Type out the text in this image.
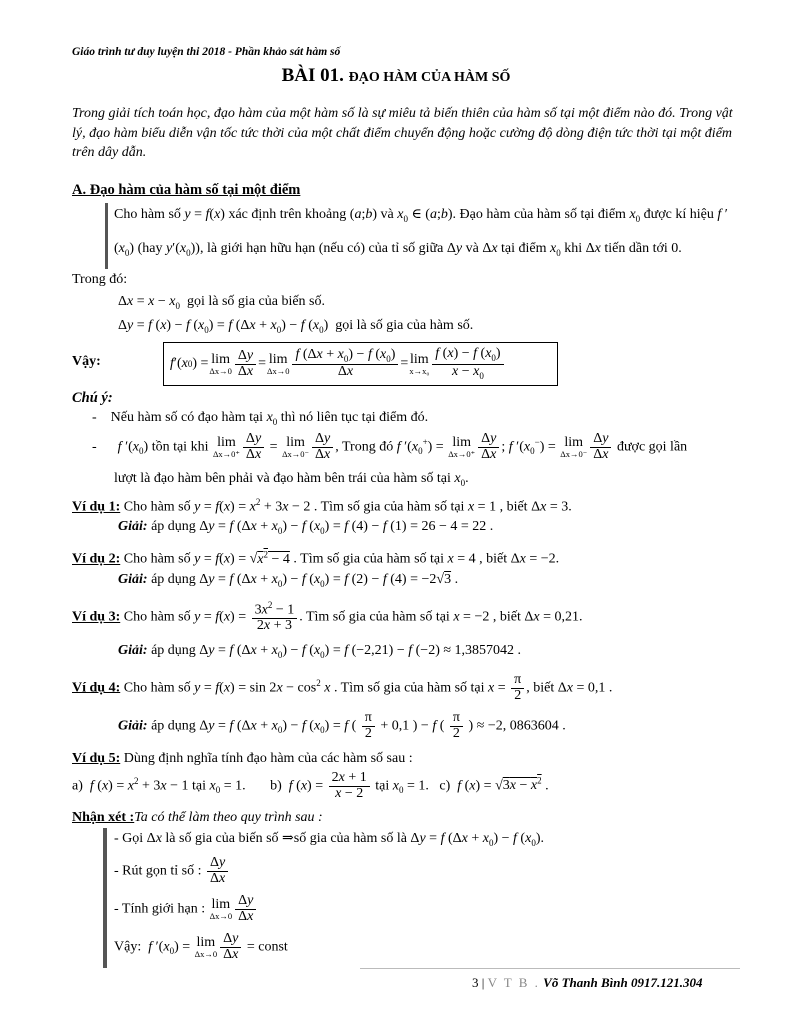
Giáo trình tư duy luyện thi 2018 - Phần khảo sát hàm số
BÀI 01. ĐẠO HÀM CỦA HÀM SỐ
Trong giải tích toán học, đạo hàm của một hàm số là sự miêu tả biến thiên của hàm số tại một điểm nào đó. Trong vật lý, đạo hàm biểu diễn vận tốc tức thời của một chất điểm chuyển động hoặc cường độ dòng điện tức thời tại một điểm trên dây dẫn.
A. Đạo hàm của hàm số tại một điểm
Cho hàm số y = f(x) xác định trên khoảng (a;b) và $x_0$ ∈ (a;b). Đạo hàm của hàm số tại điểm $x_0$ được kí hiệu f $'(x_0)$ (hay $y'(x_0)$), là giới hạn hữu hạn (nếu có) của tỉ số giữa Δy và Δx tại điểm $x_0$ khi Δx tiến dần tới 0.
Trong đó:
$\Delta x = x - x_0$ gọi là số gia của biến số.
Δy = f (x) − f $(x_0) = f$ $(\Delta x + x_0) - f$ $(x_0)$  gọi là số gia của hàm số.
Vậy:	f ′( x 0 ) = lim
$\Delta x\to 0 \frac{\Delta y}{\Delta x} = \lim$
$\Delta x\to 0 \frac{f (\Delta x + x_0) - f (x_0)}{\Delta x} = \lim$
$x\to x_0 \frac{f (x) - f (x_0)}{x - x_0}$
Chú ý:
-    Nếu hàm số có đạo hàm tại $x_0$ thì nó liên tục tại điểm đó.
-      f $'(x_0)$ tồn tại khi lim
$\Delta x\to 0^+ \frac{\Delta y}{\Delta x} = \lim$
$\Delta x\to 0^- \frac{\Delta y}{\Delta x}$ , Trong đó f $'(x_0^+) = \lim$
$\Delta x\to 0^+ \frac{\Delta y}{\Delta x}$ ; f $'(x_0^-) = \lim$
$\Delta x\to 0^- \frac{\Delta y}{\Delta x}$ được gọi lần
lượt là đạo hàm bên phải và đạo hàm bên trái của hàm số tại $x_0$.
Ví dụ 1: Cho hàm số $y = f(x) = x^2 + 3x - 2$ . Tìm số gia của hàm số tại x = 1 , biết Δx = 3.
Giải: áp dụng Δy = f $(\Delta x + x_0) - f$ $(x_0) = f$ (4) − f (1) = 26 − 4 = 22 .
Ví dụ 2: Cho hàm số $y = f(x) = √x^2 - 4$ . Tìm số gia của hàm số tại x = 4 , biết Δx = −2.
Giải: áp dụng Δy = f $(\Delta x + x_0) - f$ $(x_0) = f$ (2) − f (4) = −2√3 .
Ví dụ 3: Cho hàm số $y = f(x) = \frac{3x^2 - 1}{2x + 3}$ . Tìm số gia của hàm số tại x = −2 , biết Δx = 0,21.
Giải: áp dụng Δy = f $(\Delta x + x_0) - f$ $(x_0) = f$ (−2,21) − f (−2) ≈ 1,3857042 .
Ví dụ 4: Cho hàm số $y = f(x) = \sin 2x - \cos^2 x$ . Tìm số gia của hàm số tại $x = \frac{\pi}{2}$ , biết Δx = 0,1 .
Giải: áp dụng Δy = f $(\Delta x + x_0) - f$ $(x_0) = f$ ( $\frac{\pi}{2} + 0,1$ ) − f ( $\frac{\pi}{2}$ ) ≈ −2, 0863604 .
Ví dụ 5: Dùng định nghĩa tính đạo hàm của các hàm số sau :
a)  f $(x) = x^2 + 3x - 1$ tại $x_0 = 1$.       b)  f $(x) = \frac{2x + 1}{x - 2}$ tại $x_0 = 1$.   c)  f $(x) = √3x - x^2$ .
Nhận xét :Ta có thể làm theo quy trình sau :
- Gọi Δx là số gia của biến số ⇒số gia của hàm số là Δy = f $(\Delta x + x_0) - f$ $(x_0)$.
- Rút gọn tỉ số : $\frac{\Delta y}{\Delta x}$
- Tính giới hạn : lim
$\Delta x\to 0 \frac{\Delta y}{\Delta x}$
Vậy: f $'(x_0) = \lim$
$\Delta x\to 0 \frac{\Delta y}{\Delta x}$ = const
3 | V T B . Võ Thanh Bình 0917.121.304
